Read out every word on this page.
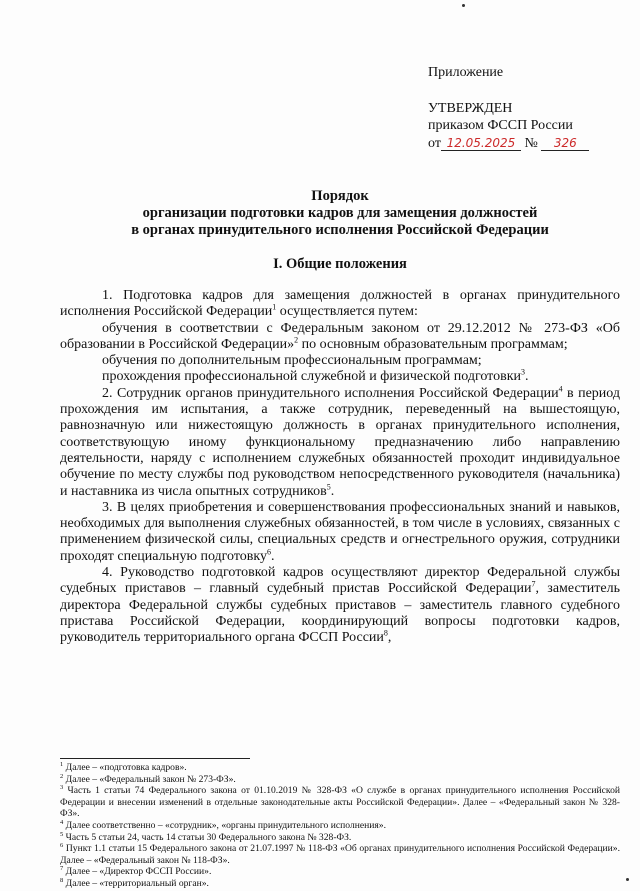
Приложение
УТВЕРЖДЕН
приказом ФССП России
от 12.05.2025 № 326
Порядок
организации подготовки кадров для замещения должностей
в органах принудительного исполнения Российской Федерации
I. Общие положения

1. Подготовка кадров для замещения должностей в органах принудительного исполнения Российской Федерации$^1$ осуществляется путем:

обучения в соответствии с Федеральным законом от 29.12.2012 № 273-ФЗ «Об образовании в Российской Федерации»$^2$ по основным образовательным программам;

обучения по дополнительным профессиональным программам;

прохождения профессиональной служебной и физической подготовки$^3$.

2. Сотрудник органов принудительного исполнения Российской Федерации$^4$ в период прохождения им испытания, а также сотрудник, переведенный на вышестоящую, равнозначную или нижестоящую должность в органах принудительного исполнения, соответствующую иному функциональному предназначению либо направлению деятельности, наряду с исполнением служебных обязанностей проходит индивидуальное обучение по месту службы под руководством непосредственного руководителя (начальника) и наставника из числа опытных сотрудников$^5$.

3. В целях приобретения и совершенствования профессиональных знаний и навыков, необходимых для выполнения служебных обязанностей, в том числе в условиях, связанных с применением физической силы, специальных средств и огнестрельного оружия, сотрудники проходят специальную подготовку$^6$.

4. Руководство подготовкой кадров осуществляют директор Федеральной службы судебных приставов – главный судебный пристав Российской Федерации$^7$, заместитель директора Федеральной службы судебных приставов – заместитель главного судебного пристава Российской Федерации, координирующий вопросы подготовки кадров, руководитель территориального органа ФССП России$^8$,

$^1$ Далее – «подготовка кадров».

$^2$ Далее – «Федеральный закон № 273-ФЗ».

$^3$ Часть 1 статьи 74 Федерального закона от 01.10.2019 № 328-ФЗ «О службе в органах принудительного исполнения Российской Федерации и внесении изменений в отдельные законодательные акты Российской Федерации». Далее – «Федеральный закон № 328-ФЗ».

$^4$ Далее соответственно – «сотрудник», «органы принудительного исполнения».

$^5$ Часть 5 статьи 24, часть 14 статьи 30 Федерального закона № 328-ФЗ.

$^6$ Пункт 1.1 статьи 15 Федерального закона от 21.07.1997 № 118-ФЗ «Об органах принудительного исполнения Российской Федерации». Далее – «Федеральный закон № 118-ФЗ».

$^7$ Далее – «Директор ФССП России».

$^8$ Далее – «территориальный орган».
